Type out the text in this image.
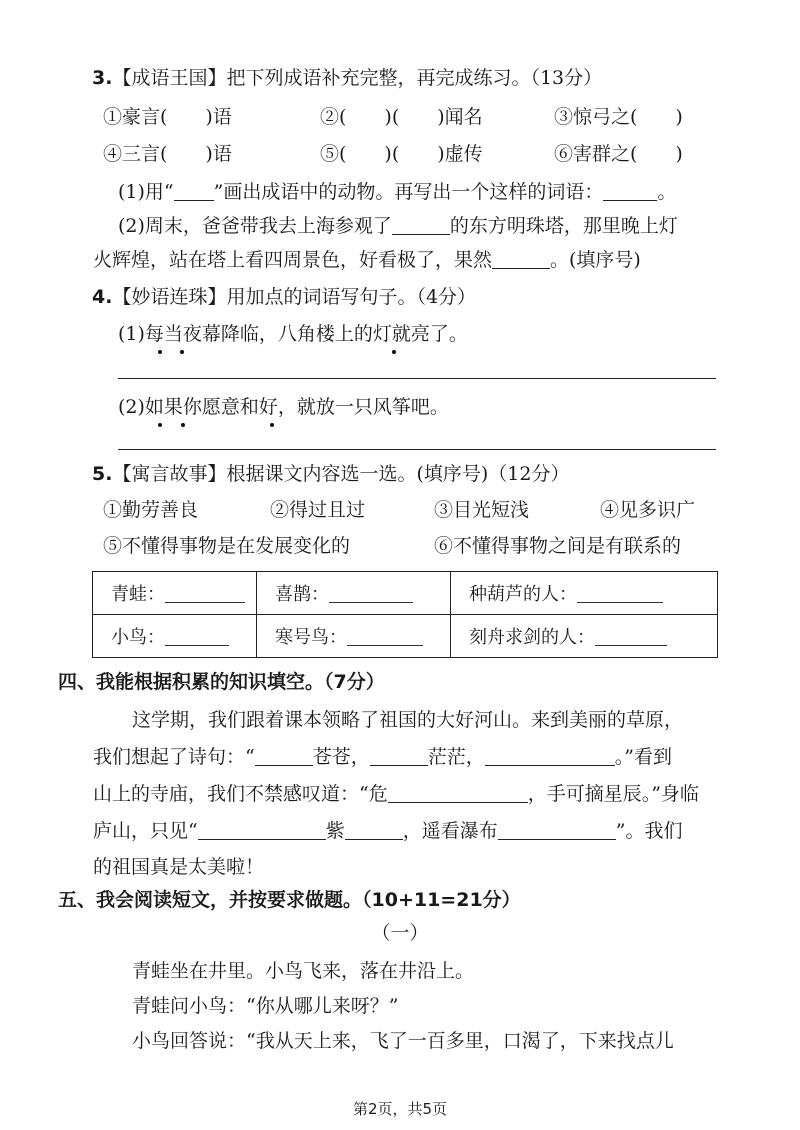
3.【成语王国】把下列成语补充完整，再完成练习。（13分）
①豪言(　　)语	②(　　)(　　)闻名	③惊弓之(　　)
④三言(　　)语	⑤(　　)(　　)虚传	⑥害群之(　　)
(1)用“ ”画出成语中的动物。再写出一个这样的词语：	。
(2)周末，爸爸带我去上海参观了	的东方明珠塔，那里晚上灯
火辉煌，站在塔上看四周景色，好看极了，果然	。(填序号)
4.【妙语连珠】用加点的词语写句子。（4分）
(1)每当夜幕降临，八角楼上的灯就亮了。
(2)如果你愿意和好，就放一只风筝吧。
5.【寓言故事】根据课文内容选一选。(填序号)（12分）
①勤劳善良	②得过且过	③目光短浅	④见多识广
⑤不懂得事物是在发展变化的	⑥不懂得事物之间是有联系的
青蛙：	喜鹊：	种葫芦的人：
小鸟：	寒号鸟：	刻舟求剑的人：
四、我能根据积累的知识填空。（7分）
这学期，我们跟着课本领略了祖国的大好河山。来到美丽的草原，
我们想起了诗句：“	苍苍，	茫茫，	。”看到
山上的寺庙，我们不禁感叹道：“危	，手可摘星辰。”身临
庐山，只见“	紫	，遥看瀑布	”。我们
的祖国真是太美啦！
五、我会阅读短文，并按要求做题。（10+11=21分）
（一）
青蛙坐在井里。小鸟飞来，落在井沿上。
青蛙问小鸟：“你从哪儿来呀？”
小鸟回答说：“我从天上来，飞了一百多里，口渴了，下来找点儿
第2页，共5页
